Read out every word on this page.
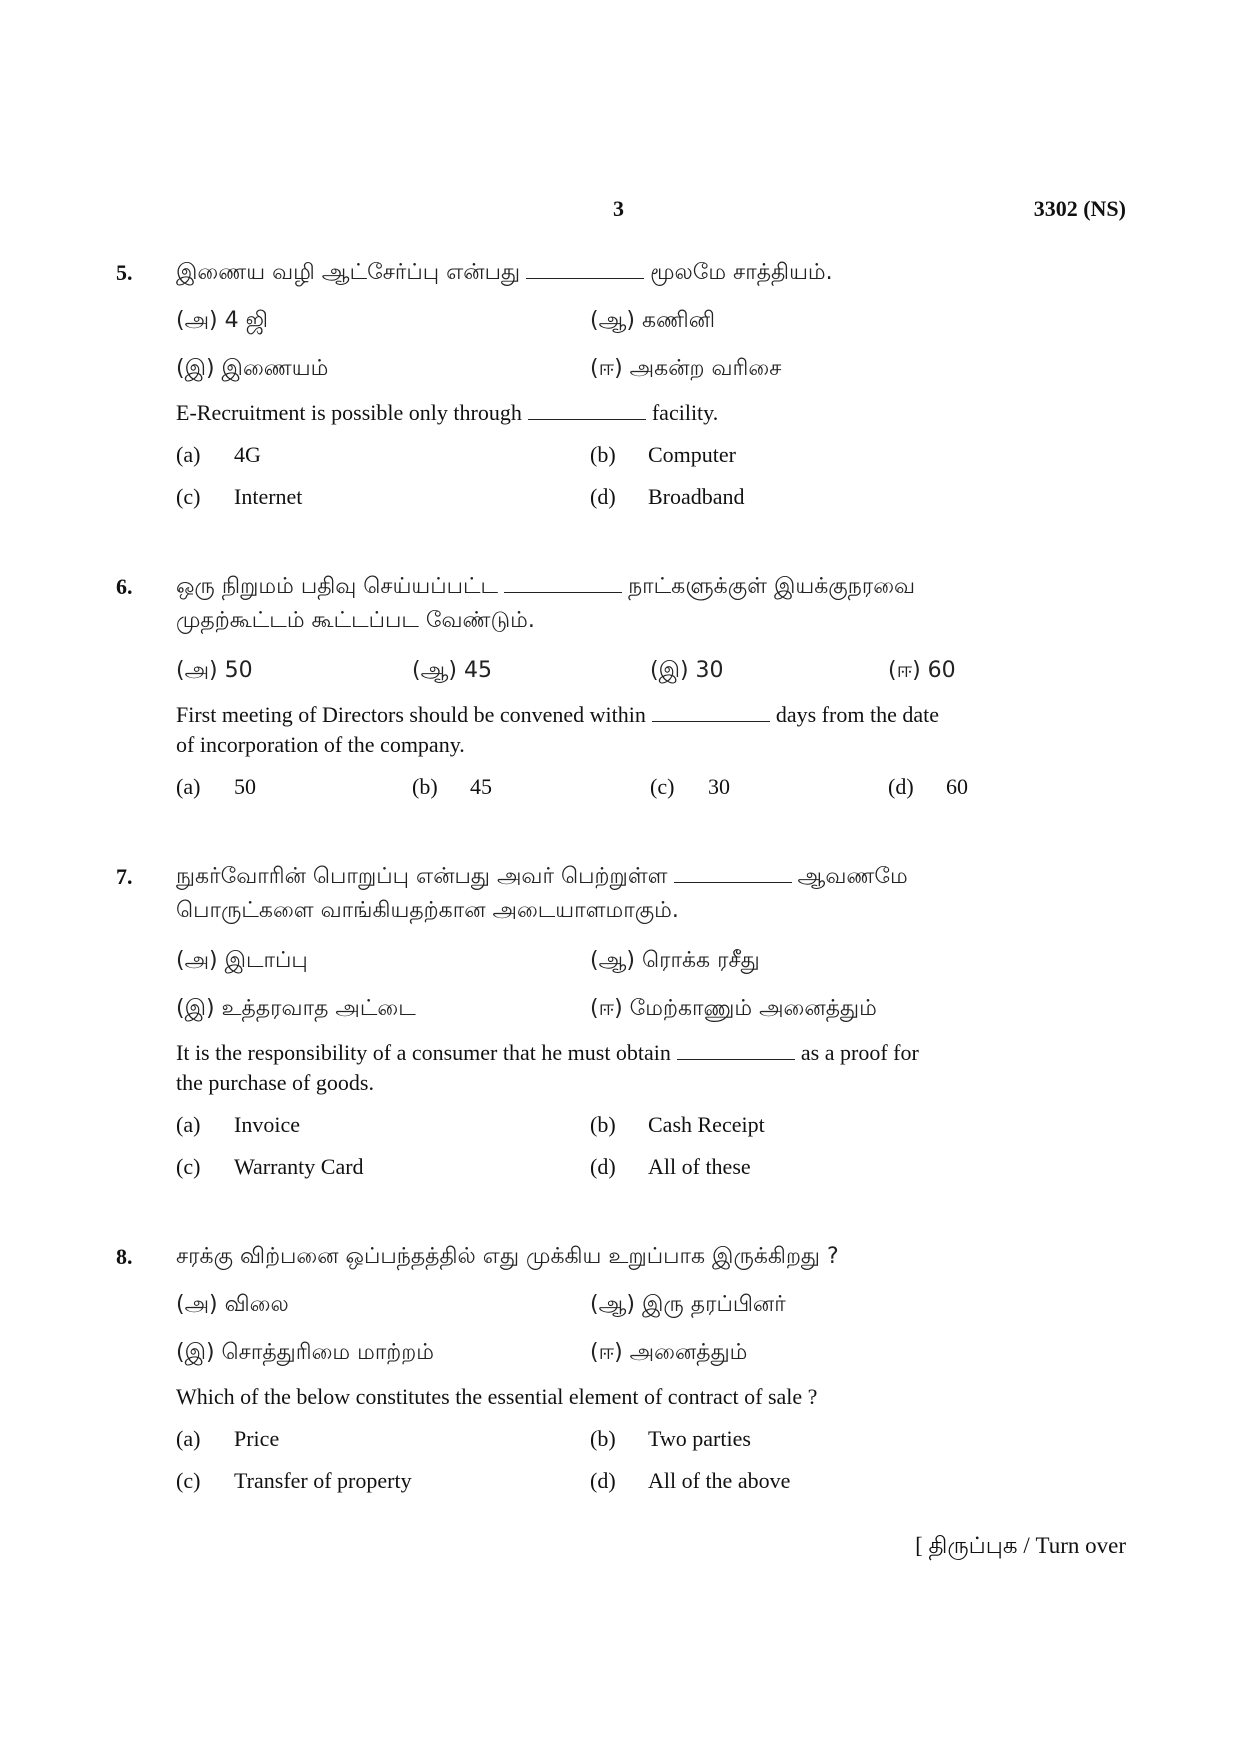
3	3302 (NS)
5. இணைய வழி ஆட்சேர்ப்பு என்பது	மூலமே சாத்தியம்.
(அ) 4 ஜி	(ஆ) கணினி
(இ) இணையம்	(ஈ) அகன்ற வரிசை
E-Recruitment is possible only through	facility.
(a) 4G	(b) Computer
(c) Internet	(d) Broadband
6. ஒரு நிறுமம் பதிவு செய்யப்பட்ட	நாட்களுக்குள் இயக்குநரவை
முதற்கூட்டம் கூட்டப்பட வேண்டும்.
(அ) 50	(ஆ) 45	(இ) 30	(ஈ) 60
First meeting of Directors should be convened within	days from the date
of incorporation of the company.
(a) 50	(b) 45	(c) 30	(d) 60
7. நுகர்வோரின் பொறுப்பு என்பது அவர் பெற்றுள்ள	ஆவணமே
பொருட்களை வாங்கியதற்கான அடையாளமாகும்.
(அ) இடாப்பு	(ஆ) ரொக்க ரசீது
(இ) உத்தரவாத அட்டை	(ஈ) மேற்காணும் அனைத்தும்
It is the responsibility of a consumer that he must obtain	as a proof for
the purchase of goods.
(a) Invoice	(b) Cash Receipt
(c) Warranty Card	(d) All of these
8. சரக்கு விற்பனை ஒப்பந்தத்தில் எது முக்கிய உறுப்பாக இருக்கிறது ?
(அ) விலை	(ஆ) இரு தரப்பினர்
(இ) சொத்துரிமை மாற்றம்	(ஈ) அனைத்தும்
Which of the below constitutes the essential element of contract of sale ?
(a) Price	(b) Two parties
(c) Transfer of property	(d) All of the above
[ திருப்புக / Turn over
